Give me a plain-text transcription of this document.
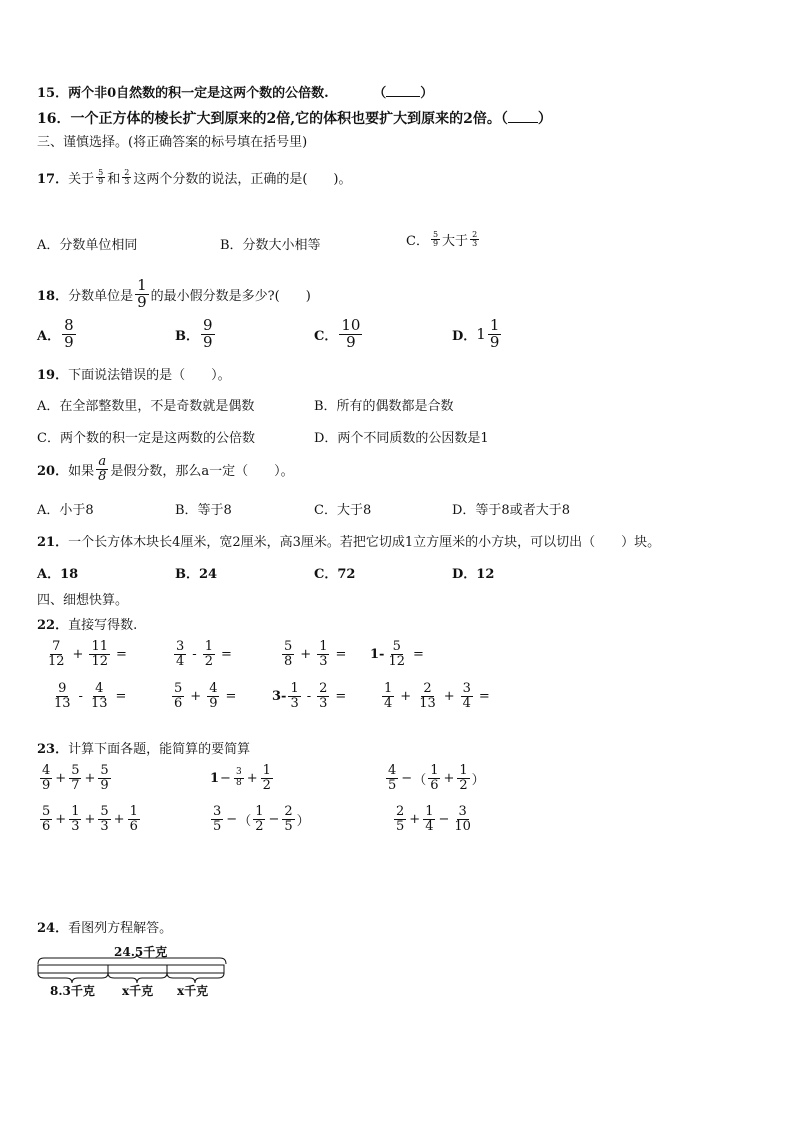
15．两个非0自然数的积一定是这两个数的公倍数.	（	）
16．一个正方体的棱长扩大到原来的2倍,它的体积也要扩大到原来的2倍。（ ）
三、谨慎选择。(将正确答案的标号填在括号里)
17． 关于 $\frac{5}{9}$ 和 $\frac{2}{3}$ 这两个分数的说法，正确的是(　　)。
A．分数单位相同	B．分数大小相等	C． $\frac{5}{9}$ 大于 $\frac{2}{3}$
18． 分数单位是 $\frac{1}{9}$ 的最小假分数是多少?(　　)
A． $\frac{8}{9}$	B． $\frac{9}{9}$	C． $\frac{10}{9}$	D． $1 \frac{1}{9}$
19．下面说法错误的是（　　）。
A．在全部整数里，不是奇数就是偶数	B．所有的偶数都是合数
C．两个数的积一定是这两数的公倍数	D．两个不同质数的公因数是1
20． 如果 $\frac{a}{8}$ 是假分数，那么a一定（　　）。
A．小于8	B．等于8	C．大于8	D．等于8或者大于8
21．一个长方体木块长4厘米，宽2厘米，高3厘米。若把它切成1立方厘米的小方块，可以切出（　　）块。
A．18	B．24	C．72	D．12
四、细想快算。
22．直接写得数.
$\frac{7}{12} + \frac{11}{12}$ =	$\frac{3}{4} - \frac{1}{2}$ =	$\frac{5}{8} + \frac{1}{3}$ =	$1- \frac{5}{12}$ =
$\frac{9}{13} - \frac{4}{13}$ =	$\frac{5}{6} + \frac{4}{9}$ =	$3- \frac{1}{3} - \frac{2}{3}$ =	$\frac{1}{4} + \frac{2}{13} + \frac{3}{4}$ =
23．计算下面各题，能简算的要简算
$\frac{4}{9} + \frac{5}{7} + \frac{5}{9}$	$1 - \frac{3}{8} + \frac{1}{2}$	$\frac{4}{5}$ − （ $\frac{1}{6} + \frac{1}{2}$ ）
$\frac{5}{6} + \frac{1}{3} + \frac{5}{3} + \frac{1}{6}$	$\frac{3}{5}$ − （ $\frac{1}{2} - \frac{2}{5}$ ）	$\frac{2}{5} + \frac{1}{4} - \frac{3}{10}$
24．看图列方程解答。
24.5千克
8.3千克 x千克 x千克
